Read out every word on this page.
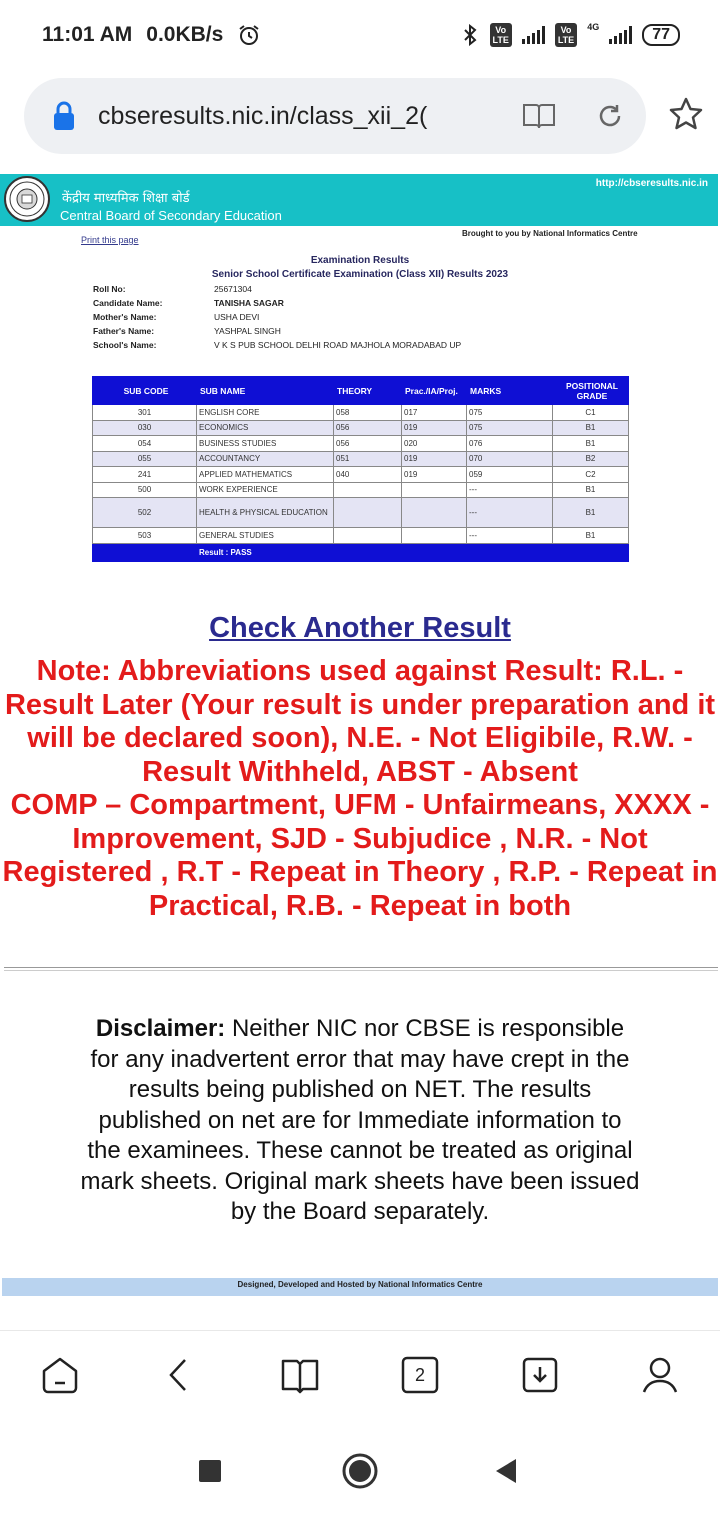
11:01 AM 0.0KB/s	Vo
LTE
Vo
LTE
4G	77
cbseresults.nic.in/class_xii_2(
केंद्रीय माध्यमिक शिक्षा बोर्ड
Central Board of Secondary Education
http://cbseresults.nic.in
Print this page
Brought to you by National Informatics Centre
Examination Results
Senior School Certificate Examination (Class XII) Results 2023
Roll No:	25671304
Candidate Name:	TANISHA SAGAR
Mother's Name:	USHA DEVI
Father's Name:	YASHPAL SINGH
School's Name:	V K S PUB SCHOOL DELHI ROAD MAJHOLA MORADABAD UP
SUB CODE	SUB NAME	THEORY	Prac./IA/Proj.	MARKS	POSITIONAL GRADE
301	ENGLISH CORE	058	017	075	C1
030	ECONOMICS	056	019	075	B1
054	BUSINESS STUDIES	056	020	076	B1
055	ACCOUNTANCY	051	019	070	B2
241	APPLIED MATHEMATICS	040	019	059	C2
500	WORK EXPERIENCE			---	B1
502	HEALTH & PHYSICAL EDUCATION			---	B1
503	GENERAL STUDIES			---	B1
	Result : PASS				
Check Another Result
Note: Abbreviations used against Result: R.L. - Result Later (Your result is under preparation and it will be declared soon), N.E. - Not Eligibile, R.W. - Result Withheld, ABST - Absent
COMP – Compartment, UFM - Unfairmeans, XXXX - Improvement, SJD - Subjudice , N.R. - Not Registered , R.T - Repeat in Theory , R.P. - Repeat in Practical, R.B. - Repeat in both
Disclaimer: Neither NIC nor CBSE is responsible for any inadvertent error that may have crept in the results being published on NET. The results published on net are for Immediate information to the examinees. These cannot be treated as original mark sheets. Original mark sheets have been issued by the Board separately.
Designed, Developed and Hosted by National Informatics Centre
2
